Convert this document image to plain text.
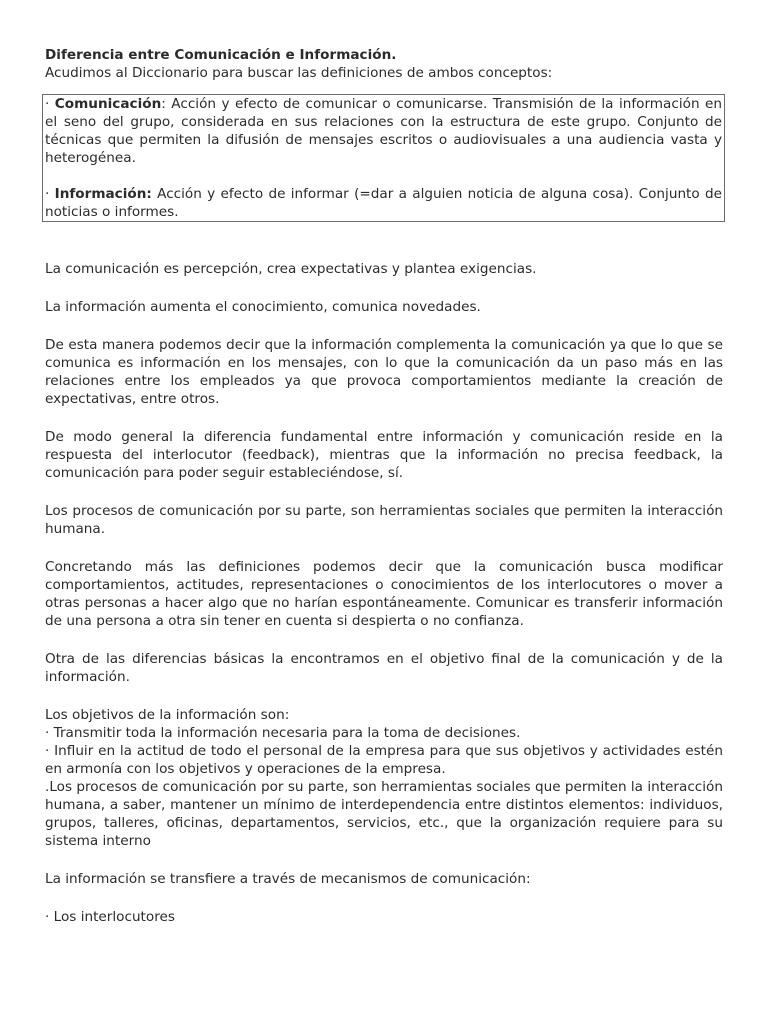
Diferencia entre Comunicación e Información.

Acudimos al Diccionario para buscar las definiciones de ambos conceptos:

· Comunicación: Acción y efecto de comunicar o comunicarse. Transmisión de la información en el seno del grupo, considerada en sus relaciones con la estructura de este grupo. Conjunto de técnicas que permiten la difusión de mensajes escritos o audiovisuales a una audiencia vasta y heterogénea.

· Información: Acción y efecto de informar (=dar a alguien noticia de alguna cosa). Conjunto de noticias o informes.

La comunicación es percepción, crea expectativas y plantea exigencias.

La información aumenta el conocimiento, comunica novedades.

De esta manera podemos decir que la información complementa la comunicación ya que lo que se comunica es información en los mensajes, con lo que la comunicación da un paso más en las relaciones entre los empleados ya que provoca comportamientos mediante la creación de expectativas, entre otros.

De modo general la diferencia fundamental entre información y comunicación reside en la respuesta del interlocutor (feedback), mientras que la información no precisa feedback, la comunicación para poder seguir estableciéndose, sí.

Los procesos de comunicación por su parte, son herramientas sociales que permiten la interacción humana.

Concretando más las definiciones podemos decir que la comunicación busca modificar comportamientos, actitudes, representaciones o conocimientos de los interlocutores o mover a otras personas a hacer algo que no harían espontáneamente. Comunicar es transferir información de una persona a otra sin tener en cuenta si despierta o no confianza.

Otra de las diferencias básicas la encontramos en el objetivo final de la comunicación y de la información.

Los objetivos de la información son:

· Transmitir toda la información necesaria para la toma de decisiones.

· Influir en la actitud de todo el personal de la empresa para que sus objetivos y actividades estén en armonía con los objetivos y operaciones de la empresa.

.Los procesos de comunicación por su parte, son herramientas sociales que permiten la interacción humana, a saber, mantener un mínimo de interdependencia entre distintos elementos: individuos, grupos, talleres, oficinas, departamentos, servicios, etc., que la organización requiere para su sistema interno

La información se transfiere a través de mecanismos de comunicación:

· Los interlocutores
